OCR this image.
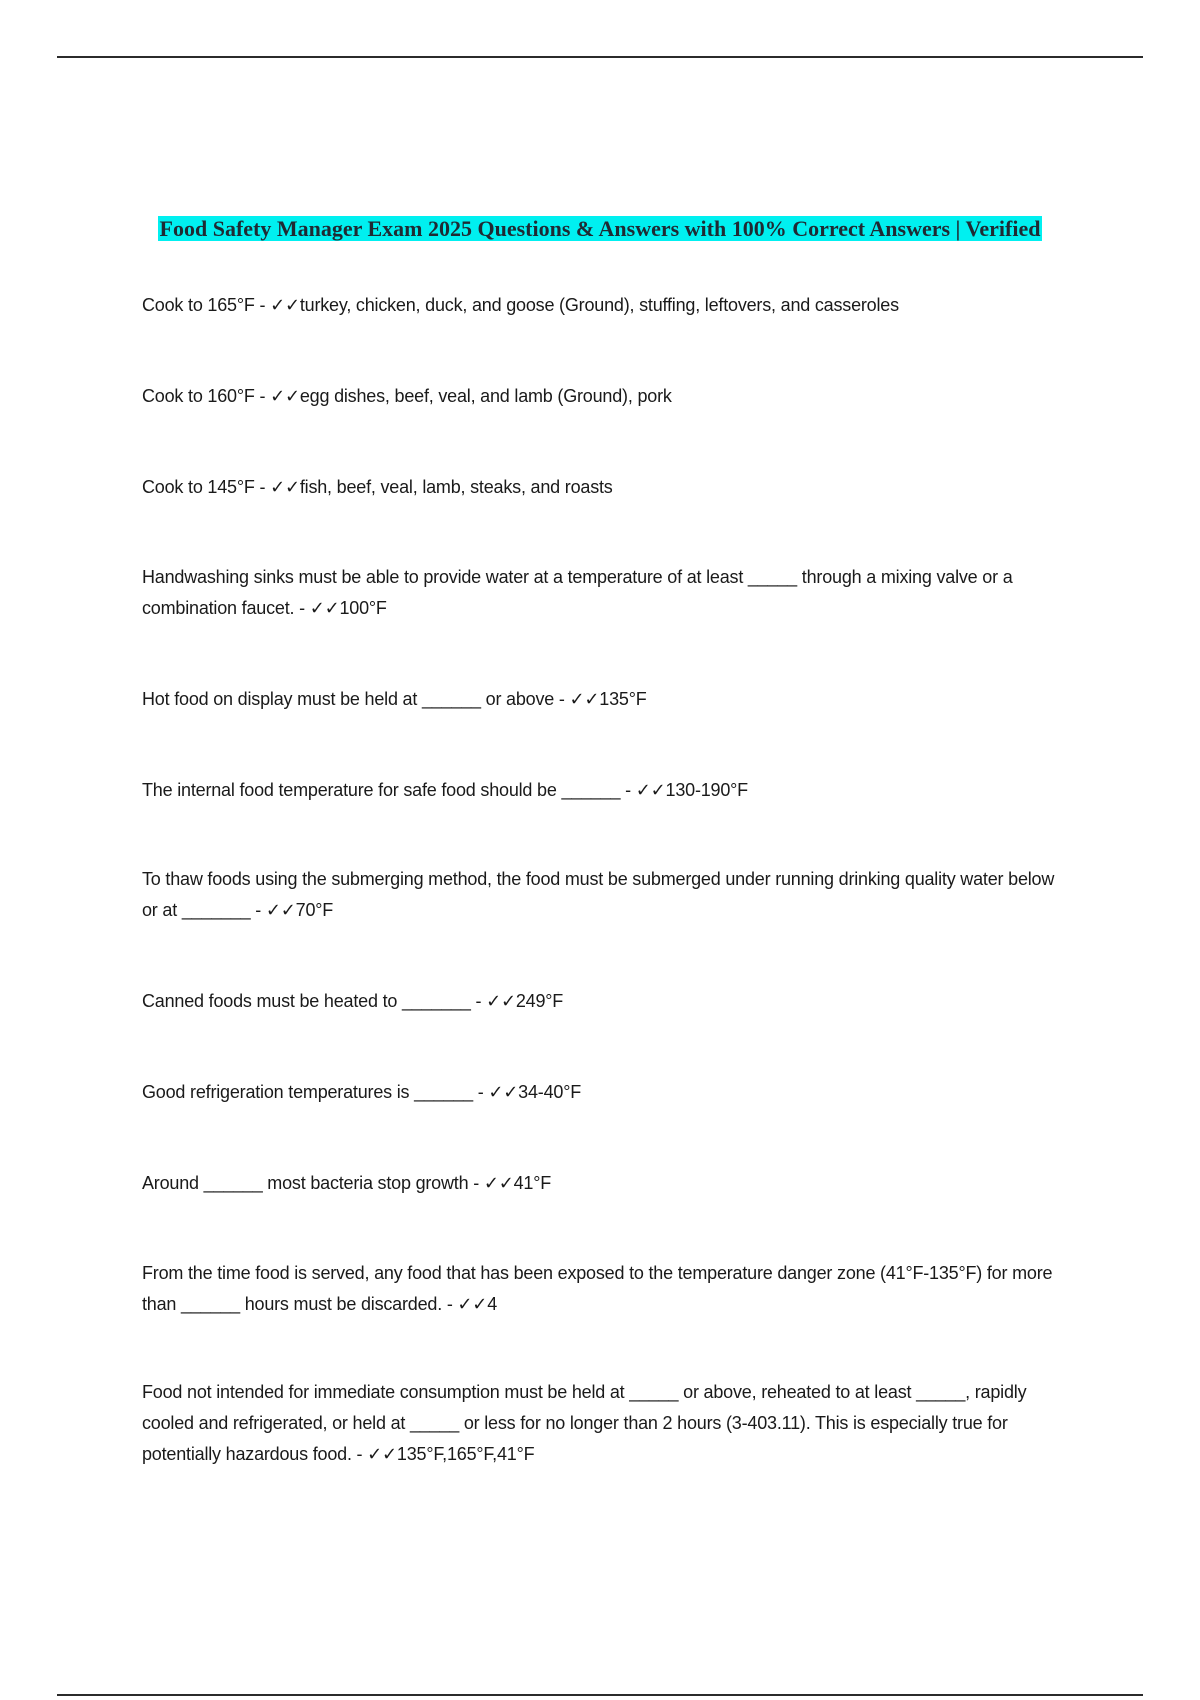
Food Safety Manager Exam 2025 Questions & Answers with 100% Correct Answers | Verified
Cook to 165°F - ✓✓turkey, chicken, duck, and goose (Ground), stuffing, leftovers, and casseroles
Cook to 160°F - ✓✓egg dishes, beef, veal, and lamb (Ground), pork
Cook to 145°F - ✓✓fish, beef, veal, lamb, steaks, and roasts
Handwashing sinks must be able to provide water at a temperature of at least _____ through a mixing valve or a combination faucet. - ✓✓100°F
Hot food on display must be held at ______ or above - ✓✓135°F
The internal food temperature for safe food should be ______ - ✓✓130-190°F
To thaw foods using the submerging method, the food must be submerged under running drinking quality water below or at _______ - ✓✓70°F
Canned foods must be heated to _______ - ✓✓249°F
Good refrigeration temperatures is ______ - ✓✓34-40°F
Around ______ most bacteria stop growth - ✓✓41°F
From the time food is served, any food that has been exposed to the temperature danger zone (41°F-135°F) for more than ______ hours must be discarded. - ✓✓4
Food not intended for immediate consumption must be held at _____ or above, reheated to at least _____, rapidly cooled and refrigerated, or held at _____ or less for no longer than 2 hours (3-403.11). This is especially true for potentially hazardous food. - ✓✓135°F,165°F,41°F
